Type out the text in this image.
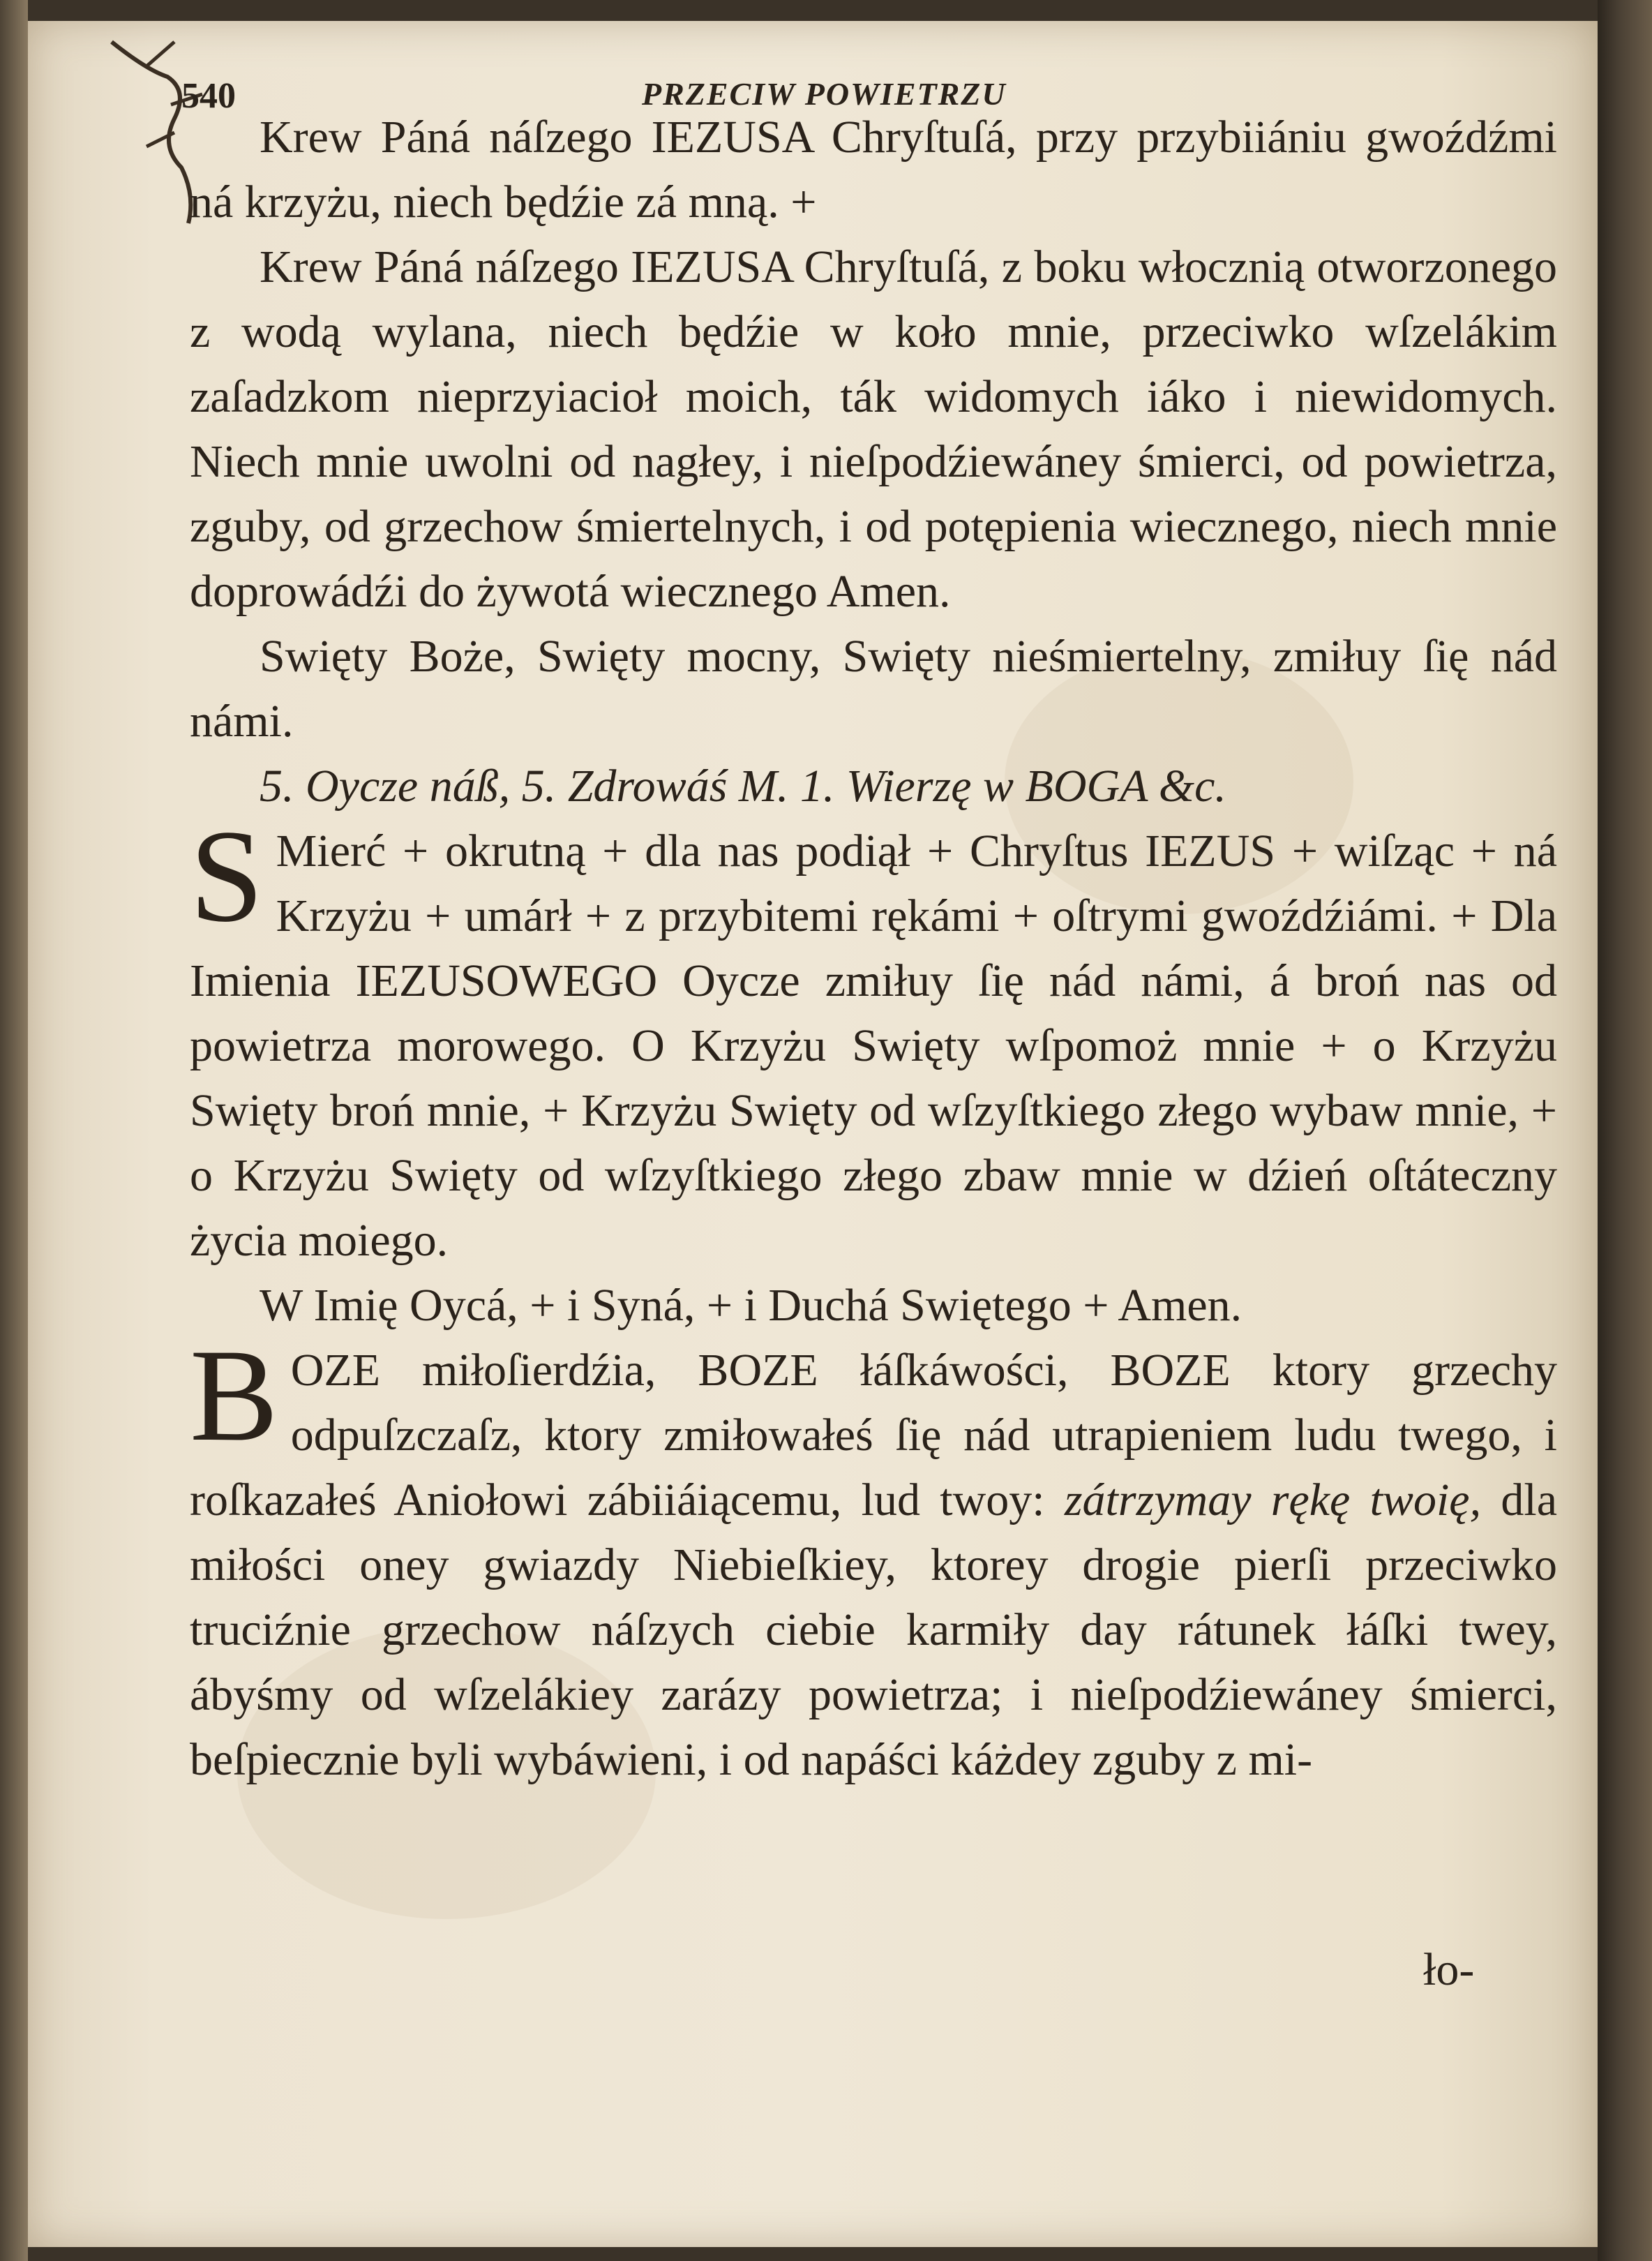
540	PRZECIW POWIETRZU

Krew Páná náſzego IEZUSA Chryſtuſá, przy przybiiániu gwoźdźmi ná krzyżu, niech będźie zá mną. +

Krew Páná náſzego IEZUSA Chryſtuſá, z boku włocznią otworzonego z wodą wylana, niech będźie w koło mnie, przeciwko wſzelákim zaſadzkom nieprzyiacioł moich, ták widomych iáko i niewidomych. Niech mnie uwolni od nagłey, i nieſpodźiewáney śmierci, od powietrza, zguby, od grzechow śmiertelnych, i od potępienia wiecznego, niech mnie doprowádźi do żywotá wiecznego Amen.

Swięty Boże, Swięty mocny, Swięty nieśmiertelny, zmiłuy ſię nád námi.

5. Oycze náß, 5. Zdrowáś M. 1. Wierzę w BOGA &c.

S Mierć + okrutną + dla nas podiął + Chryſtus IEZUS + wiſząc + ná Krzyżu + umárł + z przybitemi rękámi + oſtrymi gwoźdźiámi. + Dla Imienia IEZUSOWEGO Oycze zmiłuy ſię nád námi, á broń nas od powietrza morowego. O Krzyżu Swięty wſpomoż mnie + o Krzyżu Swięty broń mnie, + Krzyżu Swięty od wſzyſtkiego złego wybaw mnie, + o Krzyżu Swięty od wſzyſtkiego złego zbaw mnie w dźień oſtáteczny życia moiego.

W Imię Oycá, + i Syná, + i Duchá Swiętego + Amen.

B OZE miłoſierdźia, BOZE łáſkáwości, BOZE ktory grzechy odpuſzczaſz, ktory zmiłowałeś ſię nád utrapieniem ludu twego, i roſkazałeś Aniołowi zábiiáiącemu, lud twoy: zátrzymay rękę twoię, dla miłości oney gwiazdy Niebieſkiey, ktorey drogie pierſi przeciwko truciźnie grzechow náſzych ciebie karmiły day rátunek łáſki twey, ábyśmy od wſzelákiey zarázy powietrza; i nieſpodźiewáney śmierci, beſpiecznie byli wybáwieni, i od napáści káżdey zguby z mi-

ło-
